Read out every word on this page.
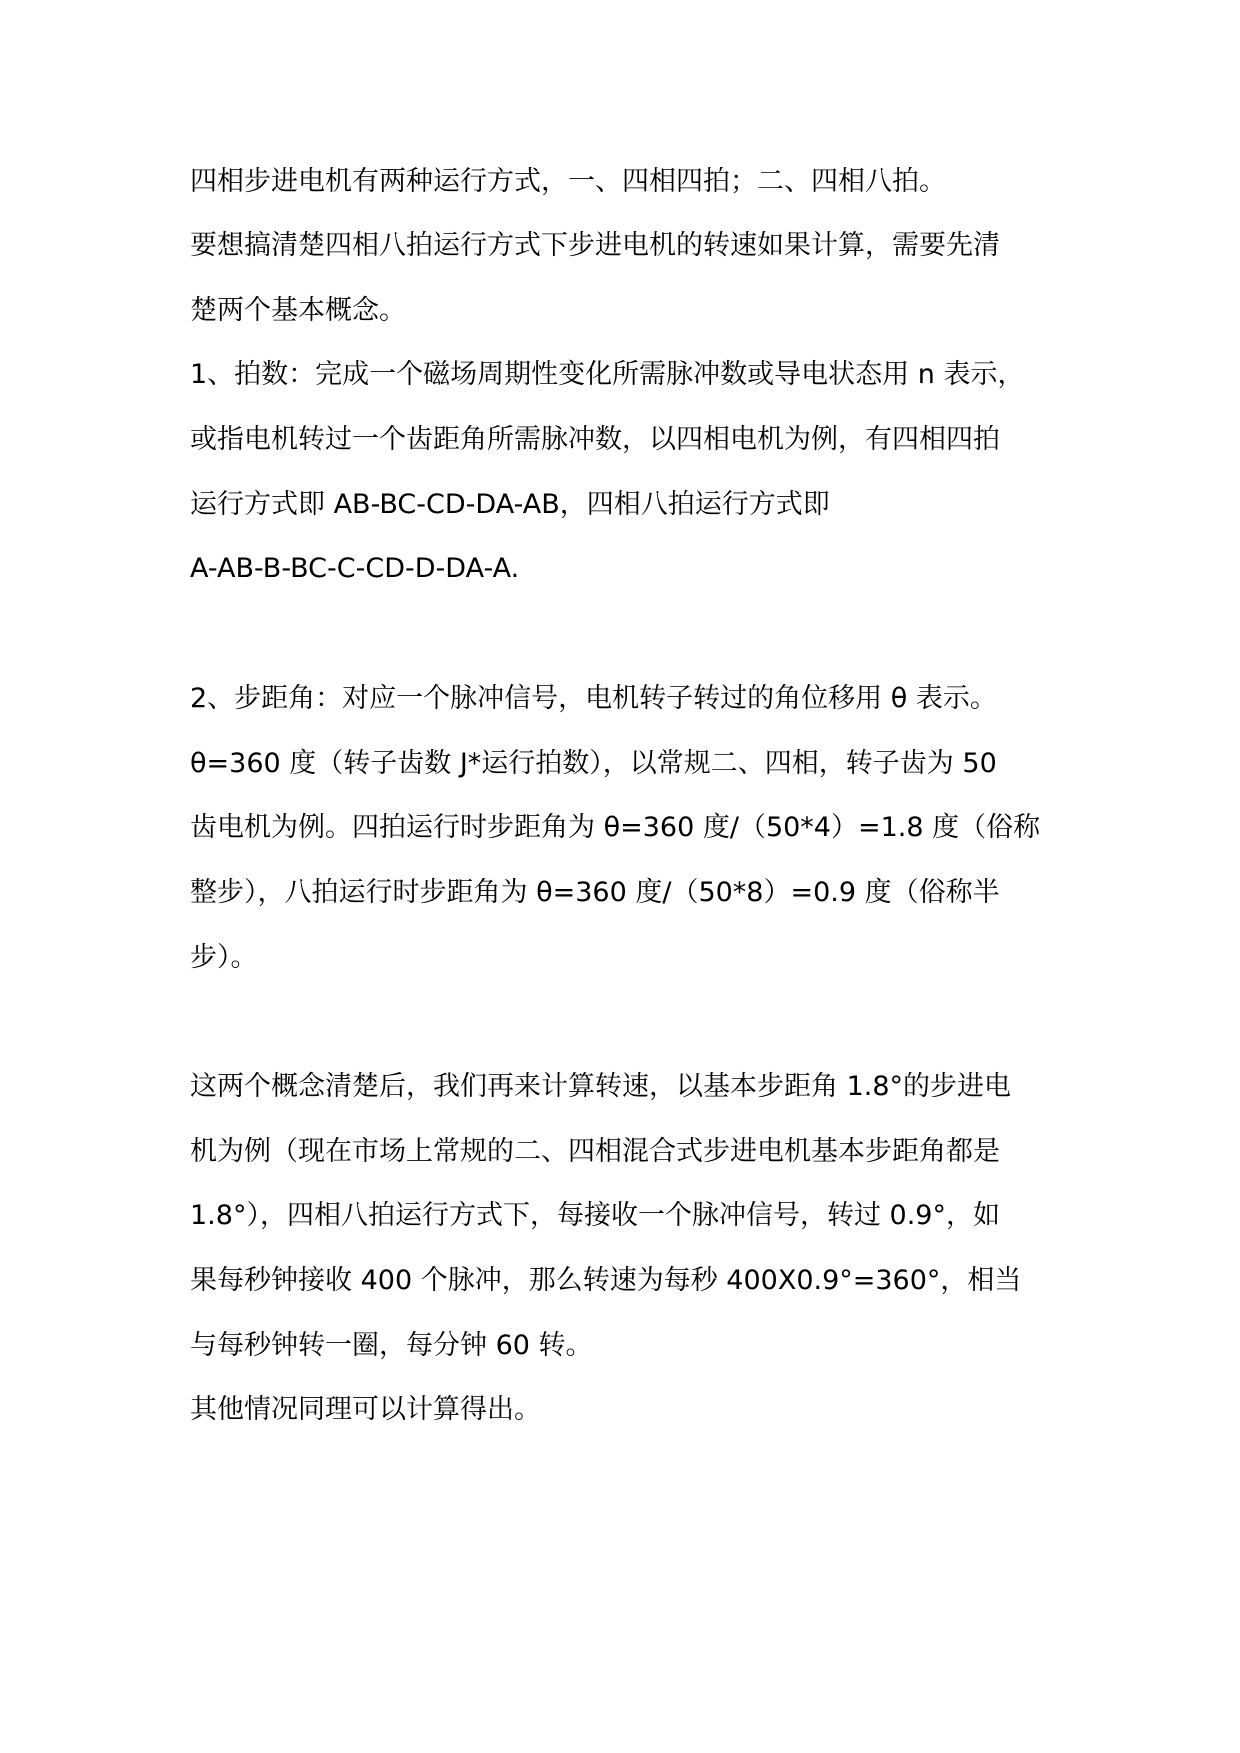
四相步进电机有两种运行方式，一、四相四拍；二、四相八拍。
要想搞清楚四相八拍运行方式下步进电机的转速如果计算，需要先清
楚两个基本概念。
1、拍数：完成一个磁场周期性变化所需脉冲数或导电状态用 n 表示，
或指电机转过一个齿距角所需脉冲数，以四相电机为例，有四相四拍
运行方式即 AB-BC-CD-DA-AB，四相八拍运行方式即
A-AB-B-BC-C-CD-D-DA-A.
2、步距角：对应一个脉冲信号，电机转子转过的角位移用 θ 表示。
θ=360 度（转子齿数 J*运行拍数），以常规二、四相，转子齿为 50
齿电机为例。四拍运行时步距角为 θ=360 度/（50*4）=1.8 度（俗称
整步），八拍运行时步距角为 θ=360 度/（50*8）=0.9 度（俗称半
步）。
这两个概念清楚后，我们再来计算转速，以基本步距角 1.8°的步进电
机为例（现在市场上常规的二、四相混合式步进电机基本步距角都是
1.8°），四相八拍运行方式下，每接收一个脉冲信号，转过 0.9°，如
果每秒钟接收 400 个脉冲，那么转速为每秒 400X0.9°=360°，相当
与每秒钟转一圈，每分钟 60 转。
其他情况同理可以计算得出。
